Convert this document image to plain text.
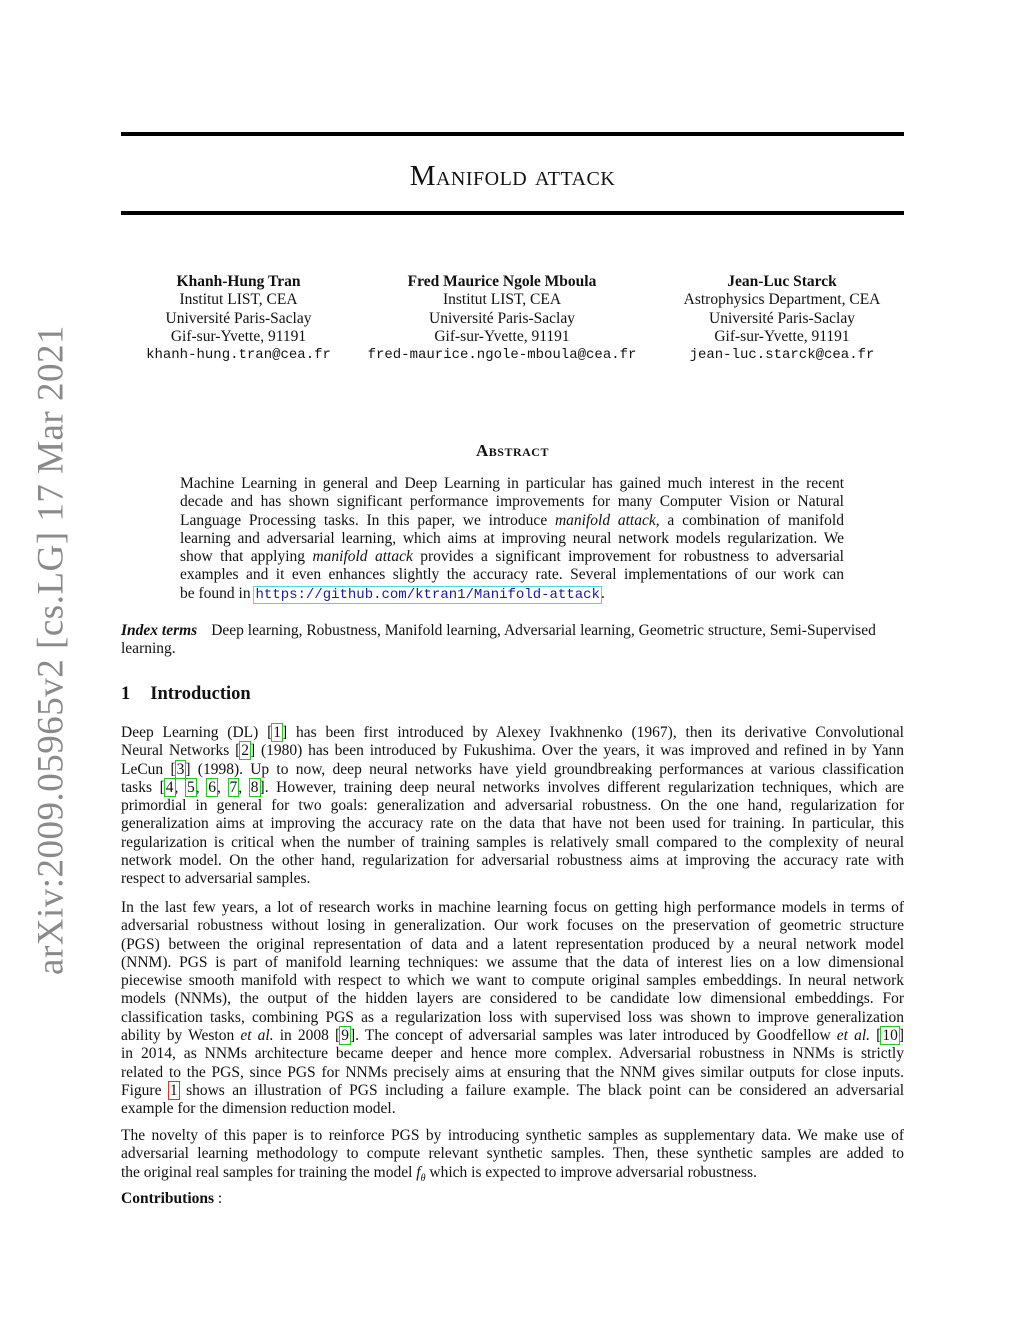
arXiv:2009.05965v2 [cs.LG] 17 Mar 2021
Manifold attack
Khanh-Hung Tran
Institut LIST, CEA
Université Paris-Saclay
Gif-sur-Yvette, 91191
khanh-hung.tran@cea.fr
Fred Maurice Ngole Mboula
Institut LIST, CEA
Université Paris-Saclay
Gif-sur-Yvette, 91191
fred-maurice.ngole-mboula@cea.fr
Jean-Luc Starck
Astrophysics Department, CEA
Université Paris-Saclay
Gif-sur-Yvette, 91191
jean-luc.starck@cea.fr
Abstract
Machine Learning in general and Deep Learning in particular has gained much interest in the recent
decade and has shown significant performance improvements for many Computer Vision or Natural
Language Processing tasks. In this paper, we introduce manifold attack, a combination of manifold
learning and adversarial learning, which aims at improving neural network models regularization. We
show that applying manifold attack provides a significant improvement for robustness to adversarial
examples and it even enhances slightly the accuracy rate. Several implementations of our work can
be found in https://github.com/ktran1/Manifold-attack.
Index terms Deep learning, Robustness, Manifold learning, Adversarial learning, Geometric structure, Semi-Supervised learning.
1 Introduction
Deep Learning (DL) [1] has been first introduced by Alexey Ivakhnenko (1967), then its derivative Convolutional
Neural Networks [2] (1980) has been introduced by Fukushima. Over the years, it was improved and refined in by Yann
LeCun [3] (1998). Up to now, deep neural networks have yield groundbreaking performances at various classification
tasks [4, 5, 6, 7, 8]. However, training deep neural networks involves different regularization techniques, which are
primordial in general for two goals: generalization and adversarial robustness. On the one hand, regularization for
generalization aims at improving the accuracy rate on the data that have not been used for training. In particular, this
regularization is critical when the number of training samples is relatively small compared to the complexity of neural
network model. On the other hand, regularization for adversarial robustness aims at improving the accuracy rate with
respect to adversarial samples.
In the last few years, a lot of research works in machine learning focus on getting high performance models in terms of
adversarial robustness without losing in generalization. Our work focuses on the preservation of geometric structure
(PGS) between the original representation of data and a latent representation produced by a neural network model
(NNM). PGS is part of manifold learning techniques: we assume that the data of interest lies on a low dimensional
piecewise smooth manifold with respect to which we want to compute original samples embeddings. In neural network
models (NNMs), the output of the hidden layers are considered to be candidate low dimensional embeddings. For
classification tasks, combining PGS as a regularization loss with supervised loss was shown to improve generalization
ability by Weston et al. in 2008 [9]. The concept of adversarial samples was later introduced by Goodfellow et al. [10]
in 2014, as NNMs architecture became deeper and hence more complex. Adversarial robustness in NNMs is strictly
related to the PGS, since PGS for NNMs precisely aims at ensuring that the NNM gives similar outputs for close inputs.
Figure 1 shows an illustration of PGS including a failure example. The black point can be considered an adversarial
example for the dimension reduction model.
The novelty of this paper is to reinforce PGS by introducing synthetic samples as supplementary data. We make use of
adversarial learning methodology to compute relevant synthetic samples. Then, these synthetic samples are added to
the original real samples for training the model $f_\theta$ which is expected to improve adversarial robustness.
Contributions :
